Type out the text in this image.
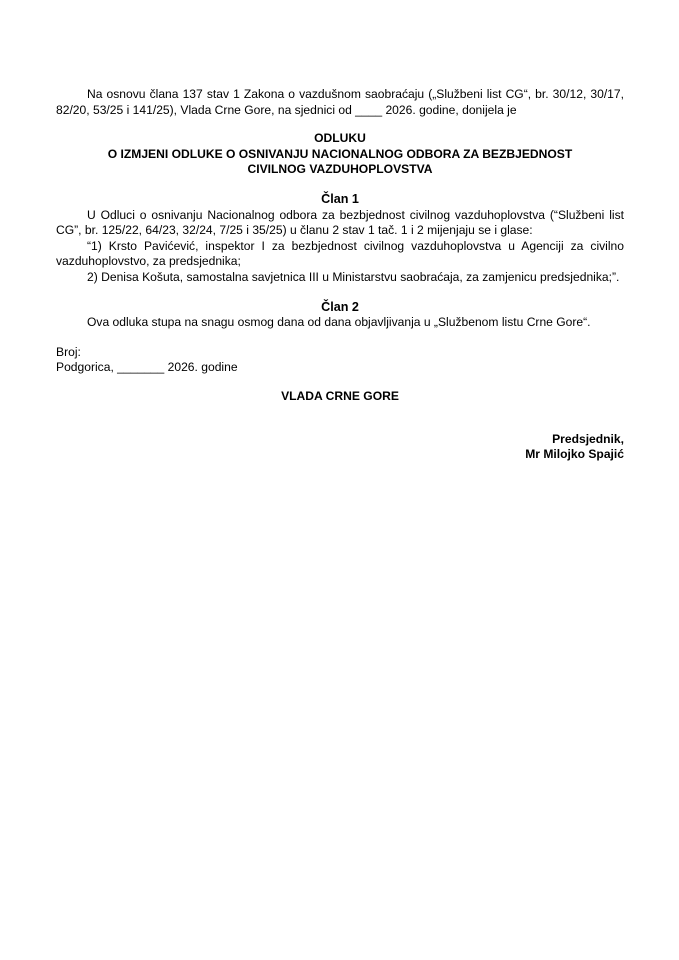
Na osnovu člana 137 stav 1 Zakona o vazdušnom saobraćaju („Službeni list CG“, br. 30/12, 30/17, 82/20, 53/25 i 141/25), Vlada Crne Gore, na sjednici od ____ 2026. godine, donijela je

ODLUKU

O IZMJENI ODLUKE O OSNIVANJU NACIONALNOG ODBORA ZA BEZBJEDNOST

CIVILNOG VAZDUHOPLOVSTVA

Član 1

U Odluci o osnivanju Nacionalnog odbora za bezbjednost civilnog vazduhoplovstva (“Službeni list CG”, br. 125/22, 64/23, 32/24, 7/25 i 35/25) u članu 2 stav 1 tač. 1 i 2 mijenjaju se i glase:

“1) Krsto Pavićević, inspektor I za bezbjednost civilnog vazduhoplovstva u Agenciji za civilno vazduhoplovstvo, za predsjednika;

2) Denisa Košuta, samostalna savjetnica III u Ministarstvu saobraćaja, za zamjenicu predsjednika;”.

Član 2

Ova odluka stupa na snagu osmog dana od dana objavljivanja u „Službenom listu Crne Gore“.

Broj:

Podgorica, _______ 2026. godine

VLADA CRNE GORE

Predsjednik,

Mr Milojko Spajić
